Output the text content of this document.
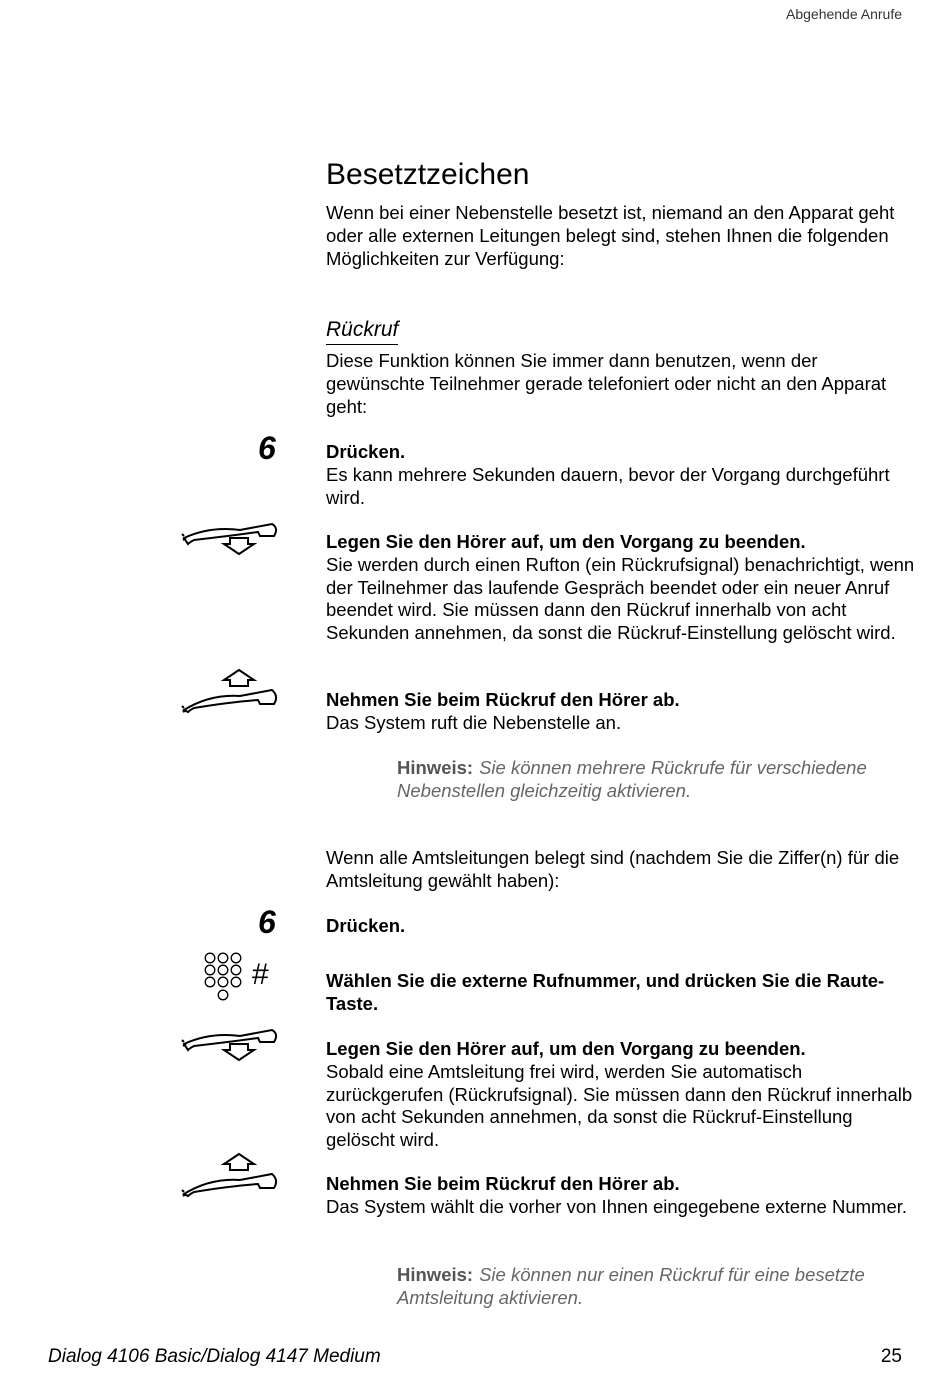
Abgehende Anrufe
Besetztzeichen
Wenn bei einer Nebenstelle besetzt ist, niemand an den Apparat geht oder alle externen Leitungen belegt sind, stehen Ihnen die folgenden Möglichkeiten zur Verfügung:
Rückruf
Diese Funktion können Sie immer dann benutzen, wenn der gewünschte Teilnehmer gerade telefoniert oder nicht an den Apparat geht:
6	Drücken.
Es kann mehrere Sekunden dauern, bevor der Vorgang durchgeführt wird.
Legen Sie den Hörer auf, um den Vorgang zu beenden.
Sie werden durch einen Rufton (ein Rückrufsignal) benachrichtigt, wenn der Teilnehmer das laufende Gespräch beendet oder ein neuer Anruf beendet wird. Sie müssen dann den Rückruf innerhalb von acht Sekunden annehmen, da sonst die Rückruf-Einstellung gelöscht wird.
Nehmen Sie beim Rückruf den Hörer ab.
Das System ruft die Nebenstelle an.
Hinweis: Sie können mehrere Rückrufe für verschiedene Nebenstellen gleichzeitig aktivieren.
Wenn alle Amtsleitungen belegt sind (nachdem Sie die Ziffer(n) für die Amtsleitung gewählt haben):
6	Drücken.
#	Wählen Sie die externe Rufnummer, und drücken Sie die Raute-Taste.
Legen Sie den Hörer auf, um den Vorgang zu beenden.
Sobald eine Amtsleitung frei wird, werden Sie automatisch zurückgerufen (Rückrufsignal). Sie müssen dann den Rückruf innerhalb von acht Sekunden annehmen, da sonst die Rückruf-Einstellung gelöscht wird.
Nehmen Sie beim Rückruf den Hörer ab.
Das System wählt die vorher von Ihnen eingegebene externe Nummer.
Hinweis: Sie können nur einen Rückruf für eine besetzte Amtsleitung aktivieren.
Dialog 4106 Basic/Dialog 4147 Medium	25
